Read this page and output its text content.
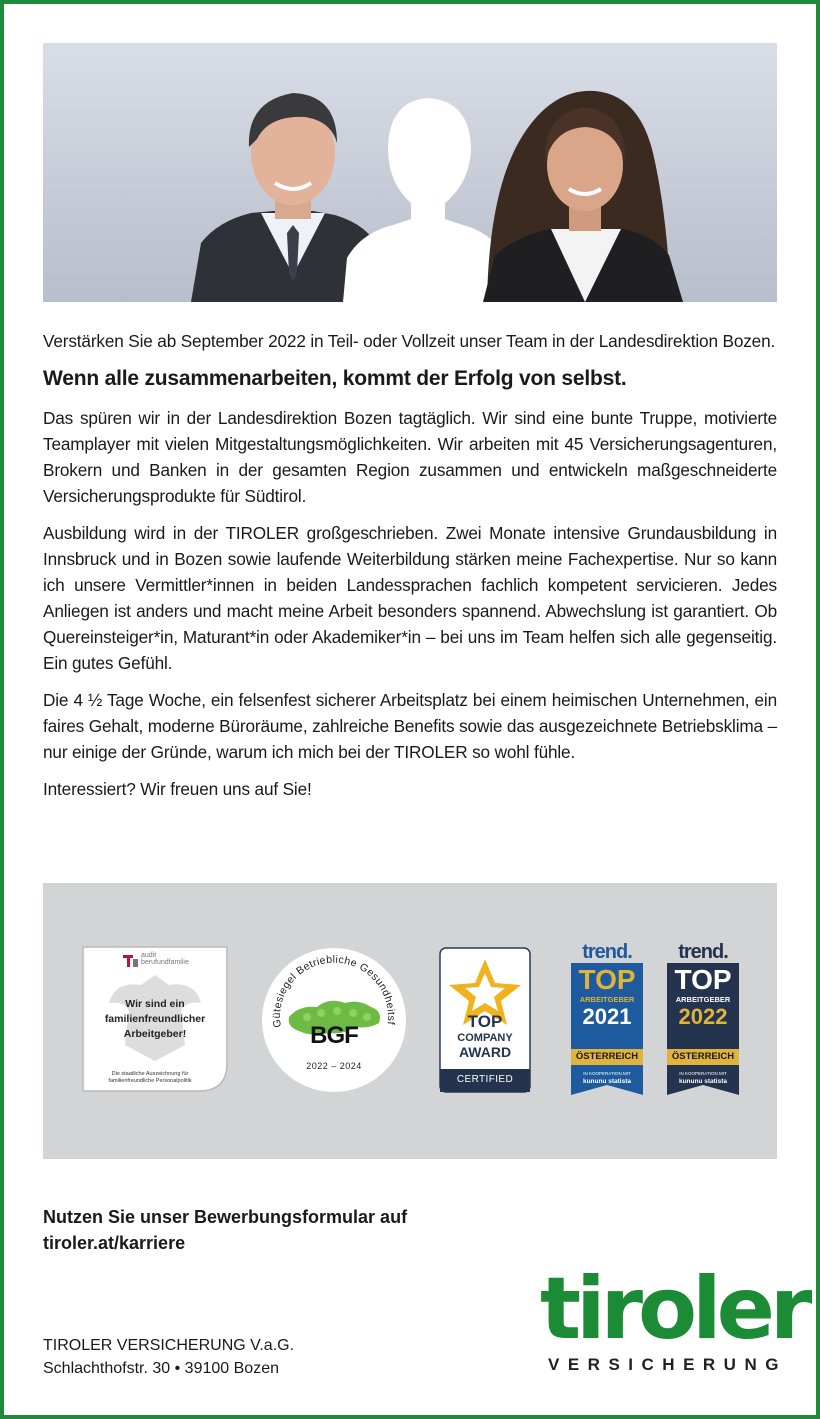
Verstärken Sie ab September 2022 in Teil- oder Vollzeit unser Team in der Landesdirektion Bozen.

Wenn alle zusammenarbeiten, kommt der Erfolg von selbst.

Das spüren wir in der Landesdirektion Bozen tagtäglich. Wir sind eine bunte Truppe, motivierte Teamplayer mit vielen Mitgestaltungsmöglichkeiten. Wir arbeiten mit 45 Versicherungsagenturen, Brokern und Banken in der gesamten Region zusammen und entwickeln maßgeschneiderte Versicherungsprodukte für Südtirol.

Ausbildung wird in der TIROLER großgeschrieben. Zwei Monate intensive Grundausbildung in Innsbruck und in Bozen sowie laufende Weiterbildung stärken meine Fachexpertise. Nur so kann ich unsere Vermittler*innen in beiden Landessprachen fachlich kompetent servicieren. Jedes Anliegen ist anders und macht meine Arbeit besonders spannend. Abwechslung ist garantiert. Ob Quereinsteiger*in, Maturant*in oder Akademiker*in – bei uns im Team helfen sich alle gegenseitig. Ein gutes Gefühl.

Die 4 ½ Tage Woche, ein felsenfest sicherer Arbeitsplatz bei einem heimischen Unternehmen, ein faires Gehalt, moderne Büroräume, zahlreiche Benefits sowie das ausgezeichnete Betriebsklima – nur einige der Gründe, warum ich mich bei der TIROLER so wohl fühle.

Interessiert? Wir freuen uns auf Sie!

audit
berufundfamilie
Wir sind ein familienfreundlicher Arbeitgeber!
Die staatliche Auszeichnung für
familienfreundliche Personalpolitik
Gütesiegel Betriebliche Gesundheitsf
BGF
2022 – 2024
TOP
COMPANY
AWARD
CERTIFIED
trend.
TOP
ARBEITGEBER
2021
ÖSTERREICH
IN KOOPERATION MIT
kununu statista
trend.
TOP
ARBEITGEBER
2022
ÖSTERREICH
IN KOOPERATION MIT
kununu statista
Nutzen Sie unser Bewerbungsformular auf
tiroler.at/karriere
TIROLER VERSICHERUNG V.a.G.
Schlachthofstr. 30 • 39100 Bozen
tiroler
VERSICHERUNG
